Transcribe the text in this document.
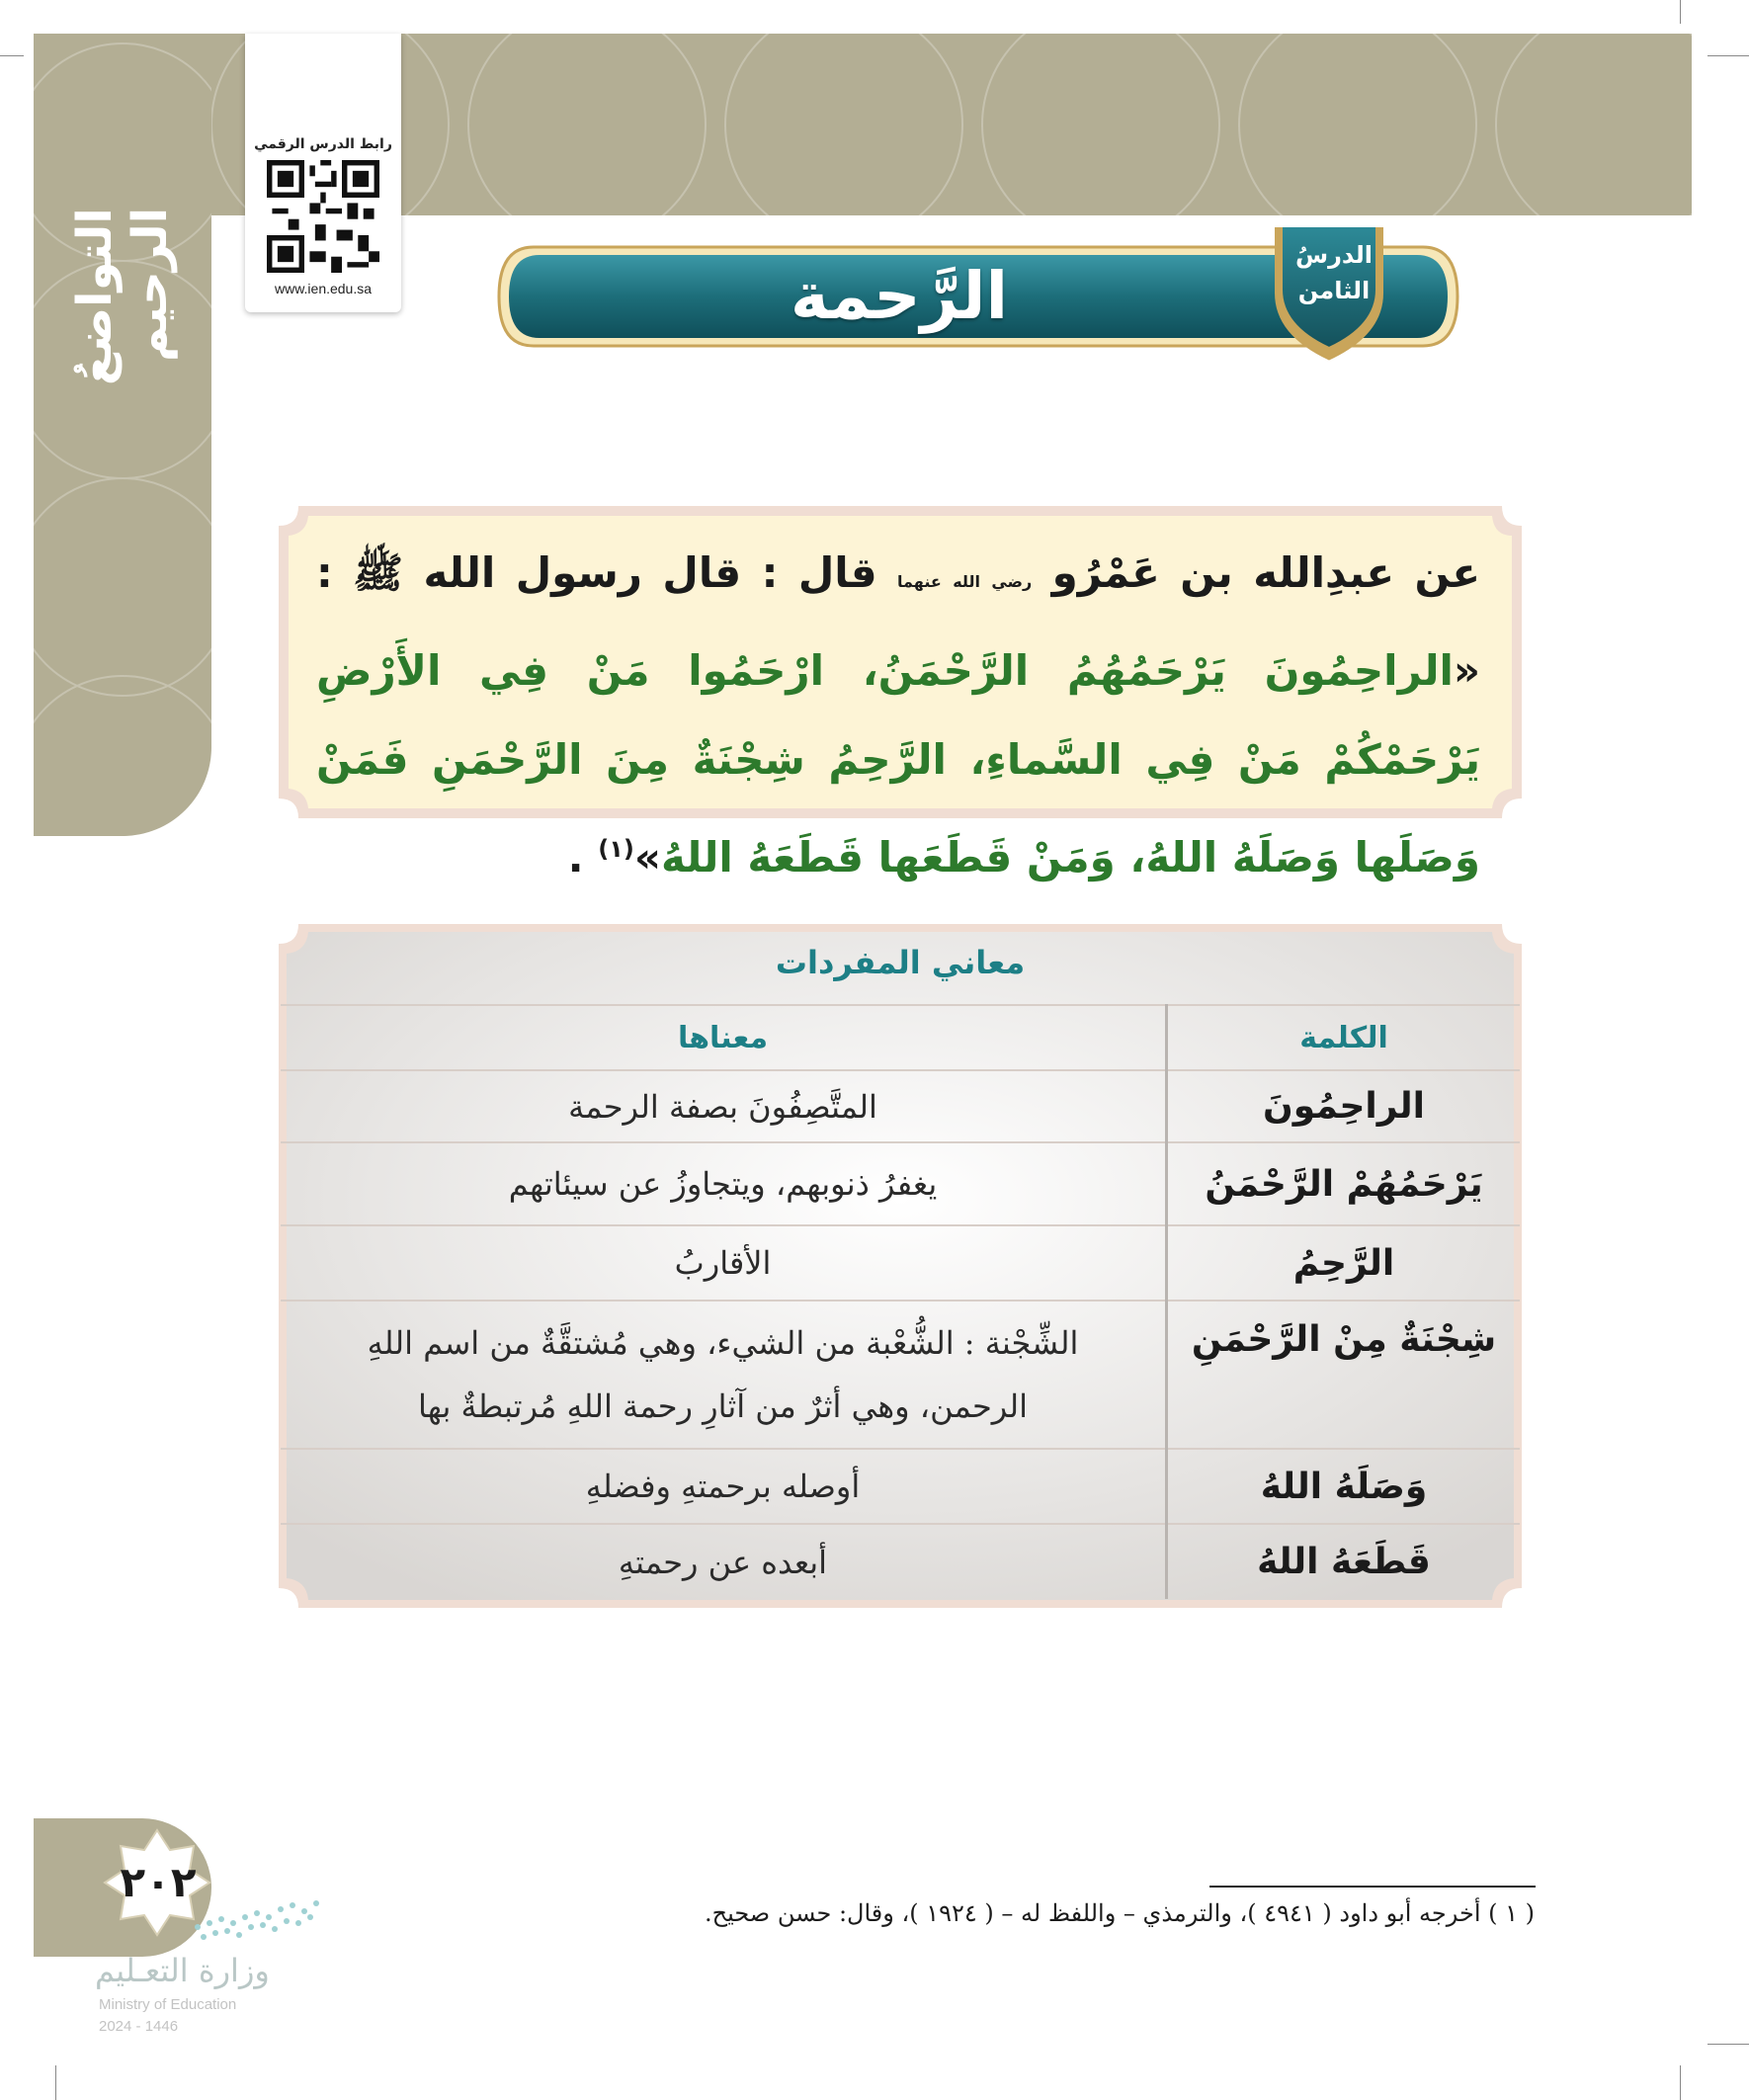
التواضعُ الرحيم
رابط الدرس الرقمي
www.ien.edu.sa
الدرسُ
الثامن
الرَّحمة
عن عبدِالله بن عَمْرُو رضي الله عنهما قال : قال رسول الله ﷺ : «الراحِمُونَ يَرْحَمُهُمُ الرَّحْمَنُ، ارْحَمُوا مَنْ فِي الأَرْضِ يَرْحَمْكُمْ مَنْ فِي السَّماءِ، الرَّحِمُ شِجْنَةٌ مِنَ الرَّحْمَنِ فَمَنْ وَصَلَها وَصَلَهُ اللهُ، وَمَنْ قَطَعَها قَطَعَهُ اللهُ»$^{(١)}$ .
معاني المفردات
الكلمة	معناها
الراحِمُونَ	المتَّصِفُونَ بصفة الرحمة
يَرْحَمُهُمْ الرَّحْمَنُ	يغفرُ ذنوبهم، ويتجاوزُ عن سيئاتهم
الرَّحِمُ	الأقاربُ
شِجْنَةٌ مِنْ الرَّحْمَنِ	الشِّجْنة : الشُّعْبة من الشيء، وهي مُشتقَّةٌ من اسم اللهِ الرحمن، وهي أثرٌ من آثارِ رحمة اللهِ مُرتبطةٌ بها
وَصَلَهُ اللهُ	أوصله برحمتهِ وفضلهِ
قَطَعَهُ اللهُ	أبعده عن رحمتهِ
٢٠٢
وزارة التعـليم
Ministry of Education
2024 - 1446
( ١ ) أخرجه أبو داود ( ٤٩٤١ )، والترمذي – واللفظ له – ( ١٩٢٤ )، وقال: حسن صحيح.
